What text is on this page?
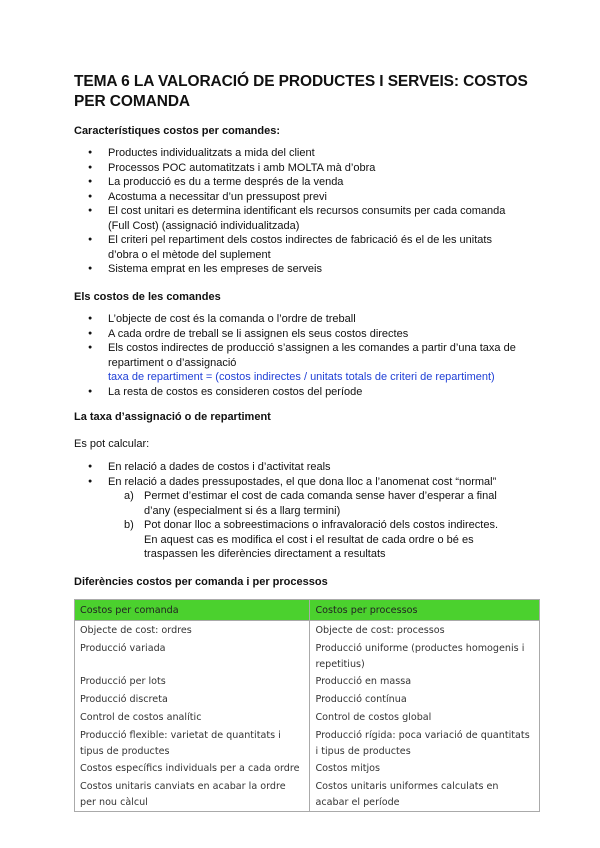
TEMA 6 LA VALORACIÓ DE PRODUCTES I SERVEIS: COSTOS PER COMANDA

Característiques costos per comandes:

● Productes individualitzats a mida del client
● Processos POC automatitzats i amb MOLTA mà d’obra
● La producció es du a terme després de la venda
● Acostuma a necessitar d’un pressupost previ
● El cost unitari es determina identificant els recursos consumits per cada comanda (Full Cost) (assignació individualitzada)
● El criteri pel repartiment dels costos indirectes de fabricació és el de les unitats d’obra o el mètode del suplement
● Sistema emprat en les empreses de serveis

Els costos de les comandes

● L’objecte de cost és la comanda o l’ordre de treball
● A cada ordre de treball se li assignen els seus costos directes
● Els costos indirectes de producció s’assignen a les comandes a partir d’una taxa de repartiment o d’assignació
taxa de repartiment = (costos indirectes / unitats totals de criteri de repartiment)
● La resta de costos es consideren costos del període

La taxa d’assignació o de repartiment

Es pot calcular:

● En relació a dades de costos i d’activitat reals
● En relació a dades pressupostades, el que dona lloc a l’anomenat cost “normal”
a) Permet d’estimar el cost de cada comanda sense haver d’esperar a final d’any (especialment si és a llarg termini)
b) Pot donar lloc a sobreestimacions o infravaloració dels costos indirectes. En aquest cas es modifica el cost i el resultat de cada ordre o bé es traspassen les diferències directament a resultats

Diferències costos per comanda i per processos

Costos per comanda	Costos per processos
Objecte de cost: ordres	Objecte de cost: processos
Producció variada	Producció uniforme (productes homogenis i repetitius)
Producció per lots	Producció en massa
Producció discreta	Producció contínua
Control de costos analític	Control de costos global
Producció flexible: varietat de quantitats i tipus de productes	Producció rígida: poca variació de quantitats i tipus de productes
Costos específics individuals per a cada ordre	Costos mitjos
Costos unitaris canviats en acabar la ordre per nou càlcul	Costos unitaris uniformes calculats en acabar el període
